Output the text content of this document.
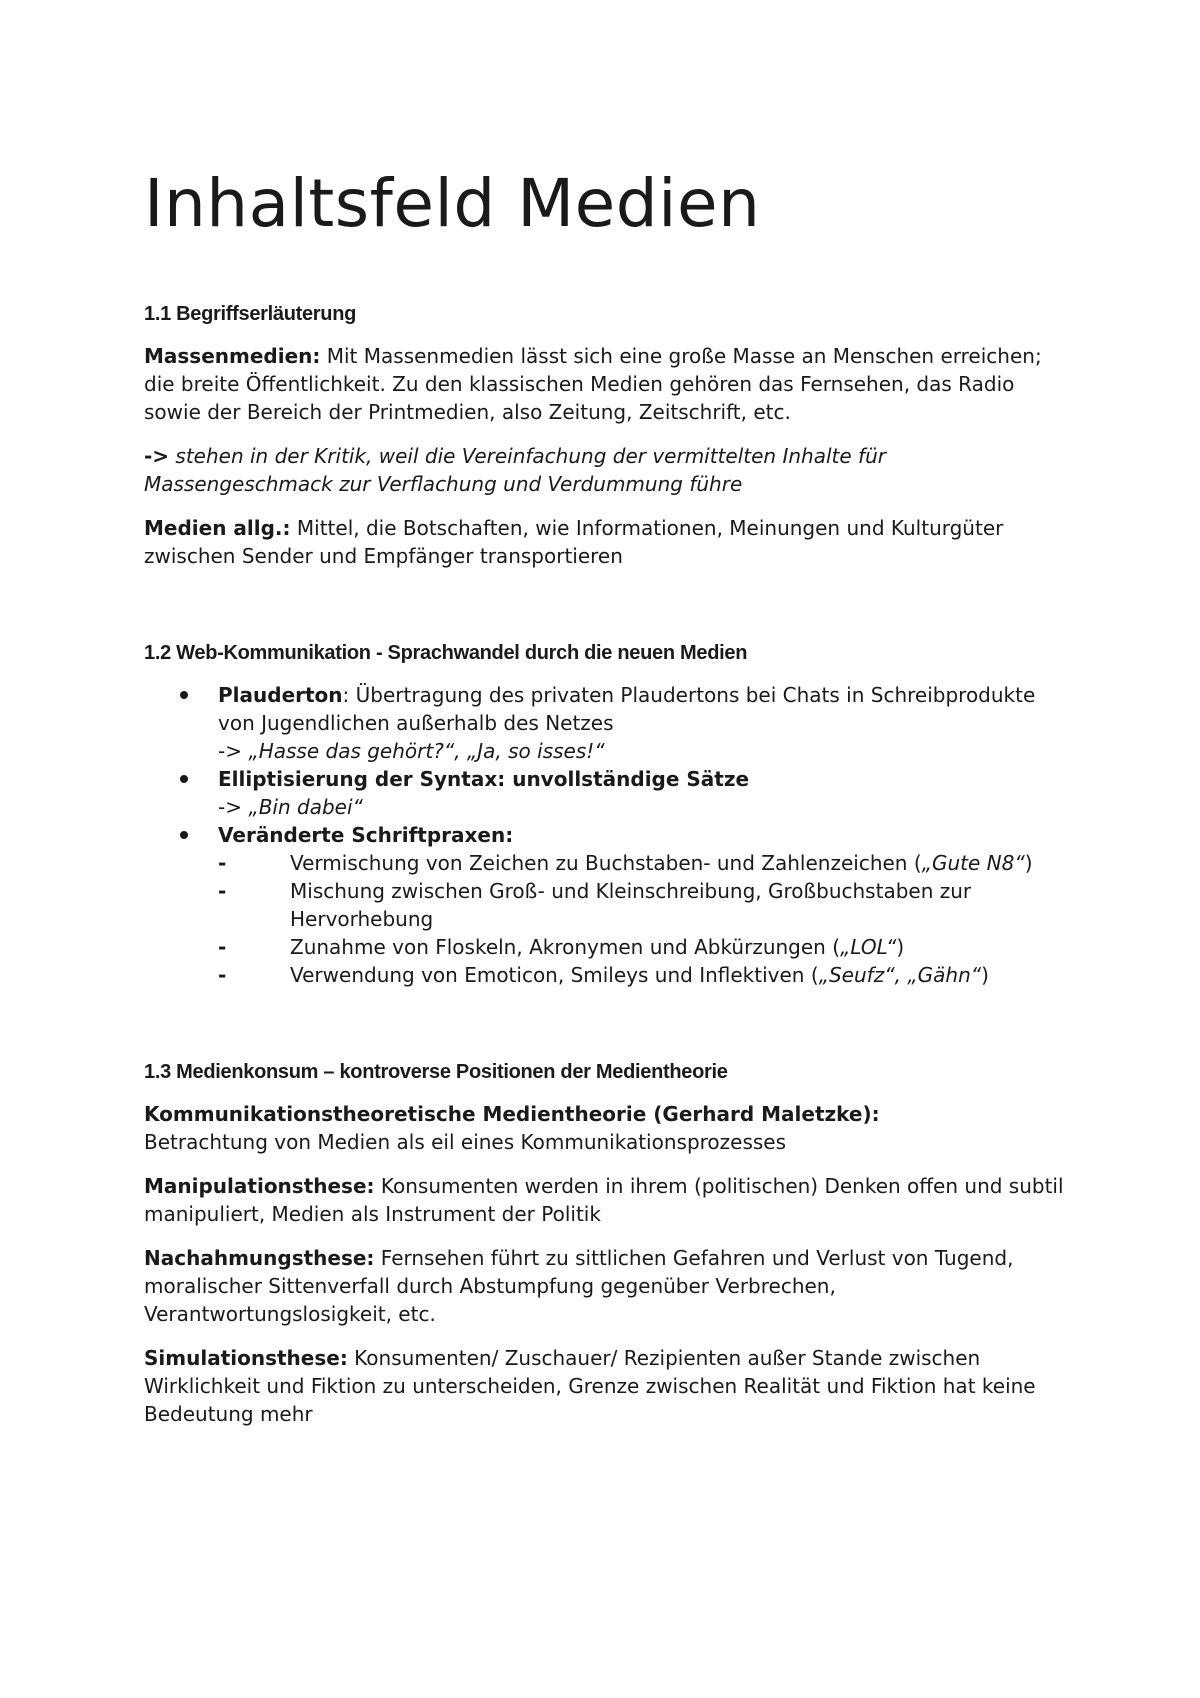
Inhaltsfeld Medien
1.1 Begriffserläuterung

Massenmedien: Mit Massenmedien lässt sich eine große Masse an Menschen erreichen; die breite Öffentlichkeit. Zu den klassischen Medien gehören das Fernsehen, das Radio sowie der Bereich der Printmedien, also Zeitung, Zeitschrift, etc.

-> stehen in der Kritik, weil die Vereinfachung der vermittelten Inhalte für Massengeschmack zur Verflachung und Verdummung führe

Medien allg.: Mittel, die Botschaften, wie Informationen, Meinungen und Kulturgüter zwischen Sender und Empfänger transportieren

1.2 Web-Kommunikation - Sprachwandel durch die neuen Medien
Plauderton: Übertragung des privaten Plaudertons bei Chats in Schreibprodukte von Jugendlichen außerhalb des Netzes
-> „Hasse das gehört?“, „Ja, so isses!“
Elliptisierung der Syntax: unvollständige Sätze
-> „Bin dabei“
Veränderte Schriftpraxen:
-	Vermischung von Zeichen zu Buchstaben- und Zahlenzeichen („Gute N8“)
-	Mischung zwischen Groß- und Kleinschreibung, Großbuchstaben zur Hervorhebung
-	Zunahme von Floskeln, Akronymen und Abkürzungen („LOL“)
-	Verwendung von Emoticon, Smileys und Inflektiven („Seufz“, „Gähn“)
1.3 Medienkonsum – kontroverse Positionen der Medientheorie

Kommunikationstheoretische Medientheorie (Gerhard Maletzke):
Betrachtung von Medien als eil eines Kommunikationsprozesses

Manipulationsthese: Konsumenten werden in ihrem (politischen) Denken offen und subtil manipuliert, Medien als Instrument der Politik

Nachahmungsthese: Fernsehen führt zu sittlichen Gefahren und Verlust von Tugend, moralischer Sittenverfall durch Abstumpfung gegenüber Verbrechen, Verantwortungslosigkeit, etc.

Simulationsthese: Konsumenten/ Zuschauer/ Rezipienten außer Stande zwischen Wirklichkeit und Fiktion zu unterscheiden, Grenze zwischen Realität und Fiktion hat keine Bedeutung mehr
